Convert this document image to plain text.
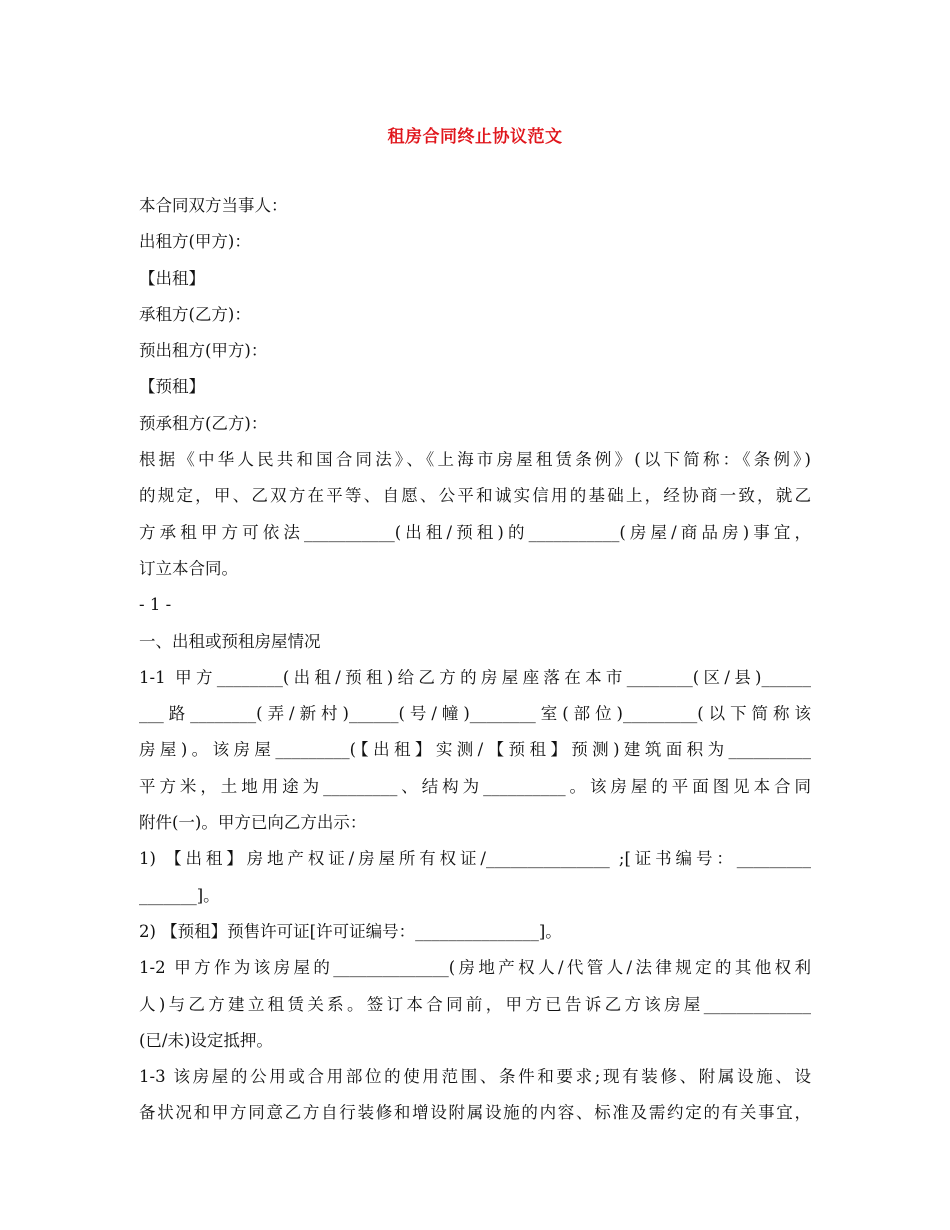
租房合同终止协议范文
本合同双方当事人：
出租方(甲方)：
【出租】
承租方(乙方)：
预出租方(甲方)：
【预租】
预承租方(乙方)：
根据《中华人民共和国合同法》、《上海市房屋租赁条例》(以下简称：《条例》)
的规定，甲、乙双方在平等、自愿、公平和诚实信用的基础上，经协商一致，就乙
方承租甲方可依法___________(出租/预租)的___________(房屋/商品房)事宜，
订立本合同。
- 1 -
一、出租或预租房屋情况
1-1 甲方________(出租/预租)给乙方的房屋座落在本市________(区/县)______
___路________(弄/新村)______(号/幢)________室(部位)_________(以下简称该
房屋)。该房屋_________(【出租】实测/【预租】预测)建筑面积为__________
平方米，土地用途为_________、结构为__________。该房屋的平面图见本合同
附件(一)。甲方已向乙方出示：
1) 【出租】房地产权证/房屋所有权证/_______________ ;[证书编号：_________
_______]。
2) 【预租】预售许可证[许可证编号：_______________]。
1-2 甲方作为该房屋的______________(房地产权人/代管人/法律规定的其他权利
人)与乙方建立租赁关系。签订本合同前，甲方已告诉乙方该房屋_____________
(已/未)设定抵押。
1-3 该房屋的公用或合用部位的使用范围、条件和要求;现有装修、附属设施、设
备状况和甲方同意乙方自行装修和增设附属设施的内容、标准及需约定的有关事宜，
